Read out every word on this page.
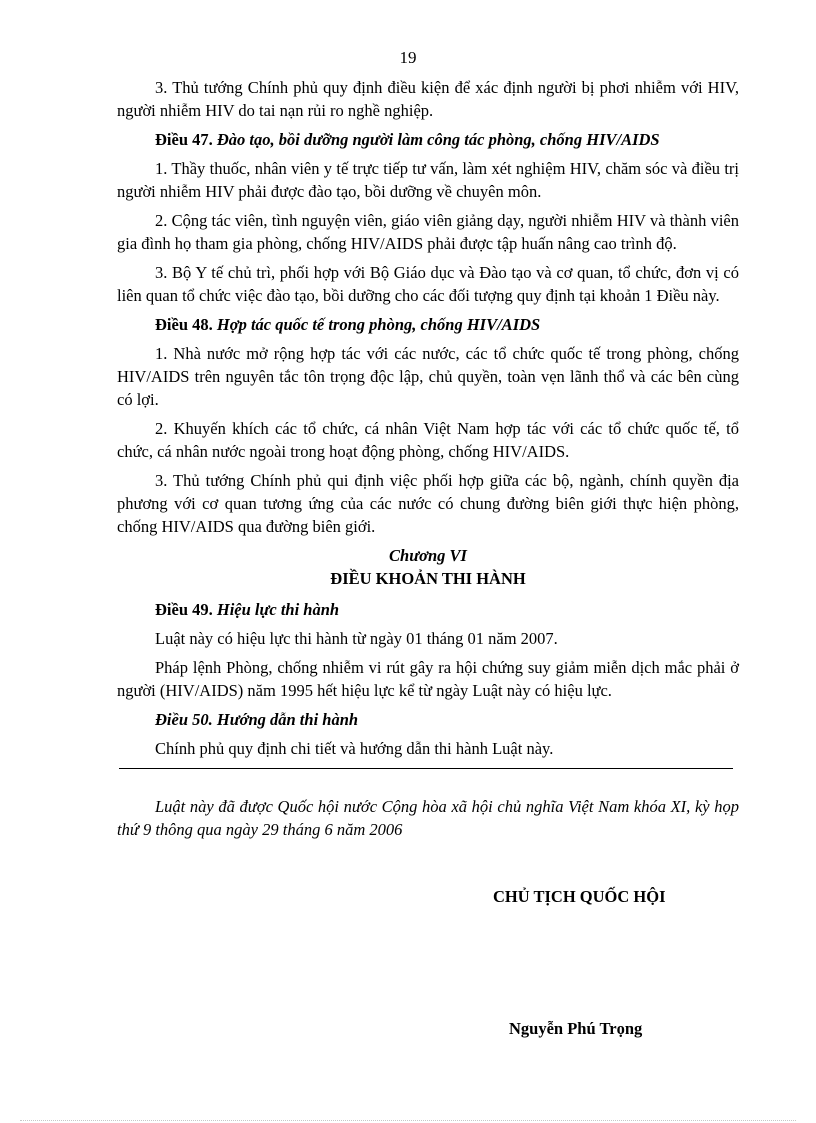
19

3. Thủ tướng Chính phủ quy định điều kiện để xác định người bị phơi nhiễm với HIV, người nhiễm HIV do tai nạn rủi ro nghề nghiệp.

Điều 47. Đào tạo, bồi dưỡng người làm công tác phòng, chống HIV/AIDS

1. Thầy thuốc, nhân viên y tế trực tiếp tư vấn, làm xét nghiệm HIV, chăm sóc và điều trị người nhiễm HIV phải được đào tạo, bồi dưỡng về chuyên môn.

2. Cộng tác viên, tình nguyện viên, giáo viên giảng dạy, người nhiễm HIV và thành viên gia đình họ tham gia phòng, chống HIV/AIDS phải được tập huấn nâng cao trình độ.

3. Bộ Y tế chủ trì, phối hợp với Bộ Giáo dục và Đào tạo và cơ quan, tổ chức, đơn vị có liên quan tổ chức việc đào tạo, bồi dưỡng cho các đối tượng quy định tại khoản 1 Điều này.

Điều 48. Hợp tác quốc tế trong phòng, chống HIV/AIDS

1. Nhà nước mở rộng hợp tác với các nước, các tổ chức quốc tế trong phòng, chống HIV/AIDS trên nguyên tắc tôn trọng độc lập, chủ quyền, toàn vẹn lãnh thổ và các bên cùng có lợi.

2. Khuyến khích các tổ chức, cá nhân Việt Nam hợp tác với các tổ chức quốc tế, tổ chức, cá nhân nước ngoài trong hoạt động phòng, chống HIV/AIDS.

3. Thủ tướng Chính phủ qui định việc phối hợp giữa các bộ, ngành, chính quyền địa phương với cơ quan tương ứng của các nước có chung đường biên giới thực hiện phòng, chống HIV/AIDS qua đường biên giới.

Chương VI

ĐIỀU KHOẢN THI HÀNH

Điều 49. Hiệu lực thi hành

Luật này có hiệu lực thi hành từ ngày 01 tháng 01 năm 2007.

Pháp lệnh Phòng, chống nhiễm vi rút gây ra hội chứng suy giảm miễn dịch mắc phải ở người (HIV/AIDS) năm 1995 hết hiệu lực kể từ ngày Luật này có hiệu lực.

Điều 50. Hướng dẫn thi hành

Chính phủ quy định chi tiết và hướng dẫn thi hành Luật này.

Luật này đã được Quốc hội nước Cộng hòa xã hội chủ nghĩa Việt Nam khóa XI, kỳ họp thứ 9 thông qua ngày 29 tháng 6 năm 2006

CHỦ TỊCH QUỐC HỘI
Nguyễn Phú Trọng
